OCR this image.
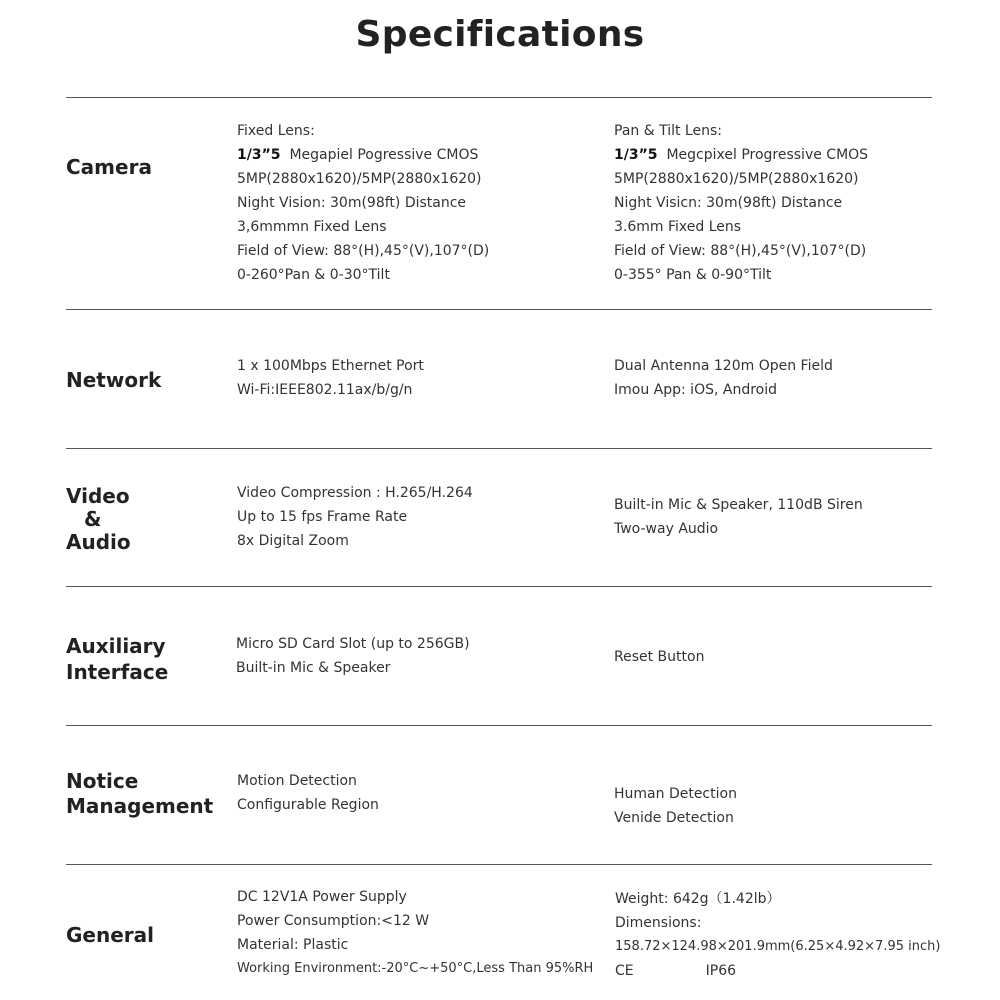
Specifications
Camera
Fixed Lens:
1/3”5 Megapiel Pogressive CMOS
5MP(2880x1620)/5MP(2880x1620)
Night Vision: 30m(98ft) Distance
3,6mmmn Fixed Lens
Field of View: 88°(H),45°(V),107°(D)
0-260°Pan & 0-30°Tilt
Pan & Tilt Lens:
1/3”5 Megcpixel Progressive CMOS
5MP(2880x1620)/5MP(2880x1620)
Night Visicn: 30m(98ft) Distance
3.6mm Fixed Lens
Field of View: 88°(H),45°(V),107°(D)
0-355° Pan & 0-90°Tilt
Network
1 x 100Mbps Ethernet Port
Wi-Fi:IEEE802.11ax/b/g/n
Dual Antenna 120m Open Field
Imou App: iOS, Android
Video
&
Audio
Video Compression : H.265/H.264
Up to 15 fps Frame Rate
8x Digital Zoom
Built-in Mic & Speaker, 110dB Siren
Two-way Audio
Auxiliary
Interface
Micro SD Card Slot (up to 256GB)
Built-in Mic & Speaker
Reset Button
Notice
Management
Motion Detection
Configurable Region
Human Detection
Venide Detection
General
DC 12V1A Power Supply
Power Consumption:<12 W
Material: Plastic
Working Environment:-20°C~+50°C,Less Than 95%RH
Weight: 642g（1.42lb）
Dimensions:
158.72×124.98×201.9mm(6.25×4.92×7.95 inch)
CE	IP66
